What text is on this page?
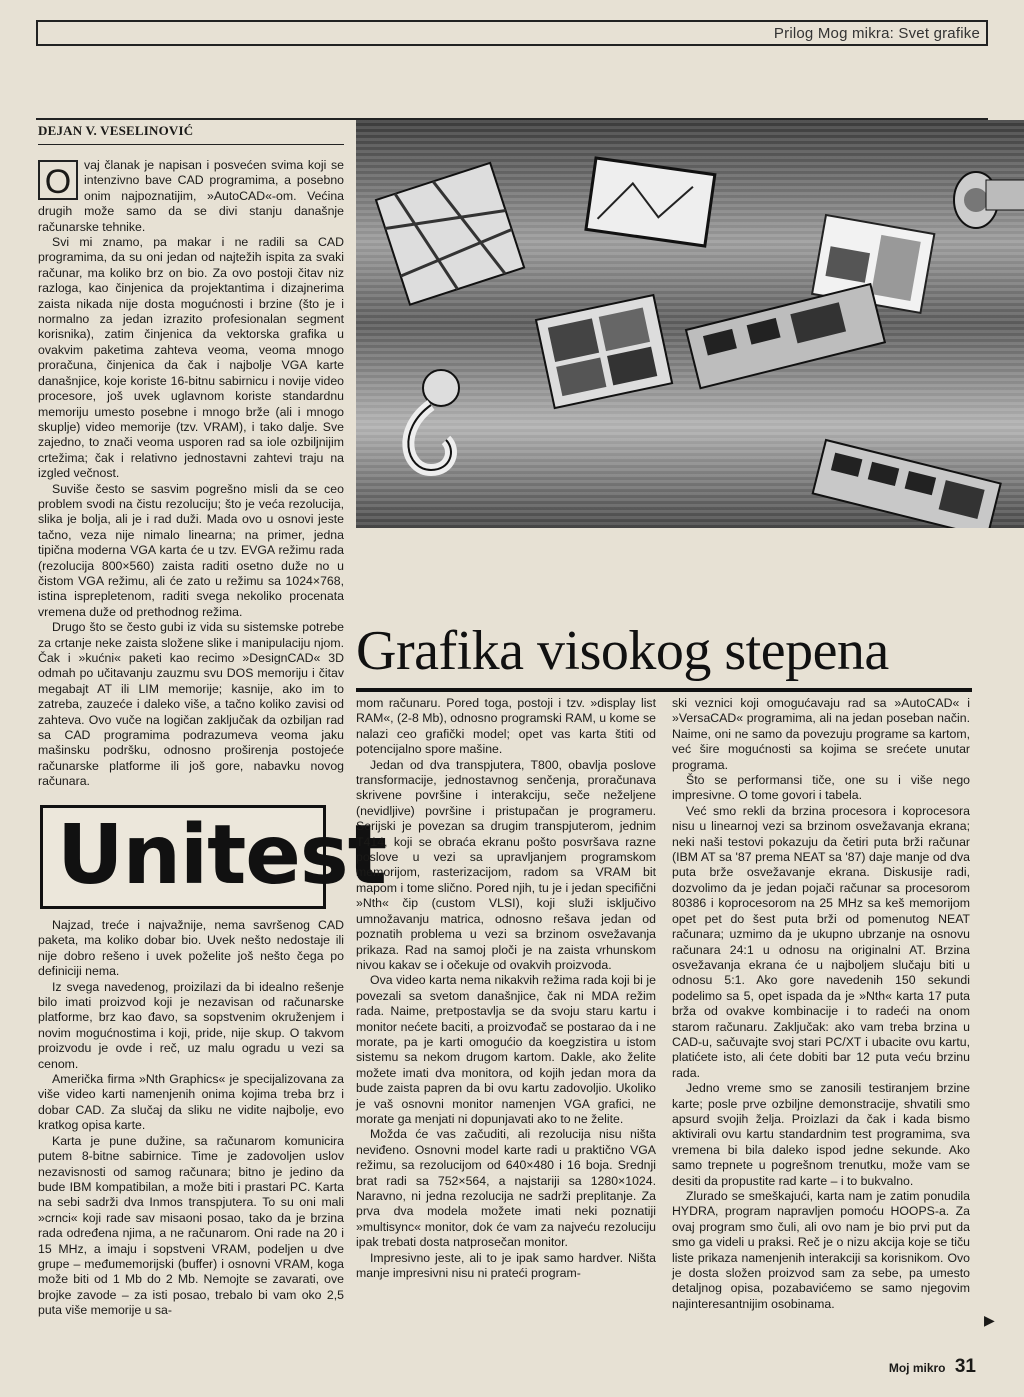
Prilog Mog mikra: Svet grafike
DEJAN V. VESELINOVIĆ
O	vaj članak je napisan i posvećen svima koji se intenzivno bave CAD programima, a posebno onim najpoznatijim, »AutoCAD«-om. Većina drugih može samo da se divi stanju današnje računarske tehnike.

Svi mi znamo, pa makar i ne radili sa CAD programima, da su oni jedan od najtežih ispita za svaki računar, ma koliko brz on bio. Za ovo postoji čitav niz razloga, kao činjenica da projektantima i dizajnerima zaista nikada nije dosta mogućnosti i brzine (što je i normalno za jedan izrazito profesionalan segment korisnika), zatim činjenica da vektorska grafika u ovakvim paketima zahteva veoma, veoma mnogo proračuna, činjenica da čak i najbolje VGA karte današnjice, koje koriste 16-bitnu sabirnicu i novije video procesore, još uvek uglavnom koriste standardnu memoriju umesto posebne i mnogo brže (ali i mnogo skuplje) video memorije (tzv. VRAM), i tako dalje. Sve zajedno, to znači veoma usporen rad sa iole ozbiljnijim crtežima; čak i relativno jednostavni zahtevi traju na izgled večnost.

Suviše često se sasvim pogrešno misli da se ceo problem svodi na čistu rezoluciju; što je veća rezolucija, slika je bolja, ali je i rad duži. Mada ovo u osnovi jeste tačno, veza nije nimalo linearna; na primer, jedna tipična moderna VGA karta će u tzv. EVGA režimu rada (rezolucija 800×560) zaista raditi osetno duže no u čistom VGA režimu, ali će zato u režimu sa 1024×768, istina isprepletenom, raditi svega nekoliko procenata vremena duže od prethodnog režima.

Drugo što se često gubi iz vida su sistemske potrebe za crtanje neke zaista složene slike i manipulaciju njom. Čak i »kućni« paketi kao recimo »DesignCAD« 3D odmah po učitavanju zauzmu svu DOS memoriju i čitav megabajt AT ili LIM memorije; kasnije, ako im to zatreba, zauzeće i daleko više, a tačno koliko zavisi od zahteva. Ovo vuče na logičan zaključak da ozbiljan rad sa CAD programima podrazumeva veoma jaku mašinsku podršku, odnosno proširenja postojeće računarske platforme ili još gore, nabavku novog računara.

Grafika visokog stepena
Unitest

Najzad, treće i najvažnije, nema savršenog CAD paketa, ma koliko dobar bio. Uvek nešto nedostaje ili nije dobro rešeno i uvek poželite još nešto čega po definiciji nema.

Iz svega navedenog, proizilazi da bi idealno rešenje bilo imati proizvod koji je nezavisan od računarske platforme, brz kao đavo, sa sopstvenim okruženjem i novim mogućnostima i koji, pride, nije skup. O takvom proizvodu je ovde i reč, uz malu ogradu u vezi sa cenom.

Američka firma »Nth Graphics« je specijalizovana za više video karti namenjenih onima kojima treba brz i dobar CAD. Za slučaj da sliku ne vidite najbolje, evo kratkog opisa karte.

Karta je pune dužine, sa računarom komunicira putem 8-bitne sabirnice. Time je zadovoljen uslov nezavisnosti od samog računara; bitno je jedino da bude IBM kompatibilan, a može biti i prastari PC. Karta na sebi sadrži dva Inmos transpjutera. To su oni mali »crnci« koji rade sav misaoni posao, tako da je brzina rada određena njima, a ne računarom. Oni rade na 20 i 15 MHz, a imaju i sopstveni VRAM, podeljen u dve grupe – međumemorijski (buffer) i osnovni VRAM, koga može biti od 1 Mb do 2 Mb. Nemojte se zavarati, ove brojke zavode – za isti posao, trebalo bi vam oko 2,5 puta više memorije u sa-

mom računaru. Pored toga, postoji i tzv. »display list RAM«, (2-8 Mb), odnosno programski RAM, u kome se nalazi ceo grafički model; opet vas karta štiti od potencijalno spore mašine.

Jedan od dva transpjutera, T800, obavlja poslove transformacije, jednostavnog senčenja, proračunava skrivene površine i interakciju, seče neželjene (nevidljive) površine i pristupačan je programeru. Serijski je povezan sa drugim transpjuterom, jednim T414, koji se obraća ekranu pošto posvršava razne poslove u vezi sa upravljanjem programskom memorijom, rasterizacijom, radom sa VRAM bit mapom i tome slično. Pored njih, tu je i jedan specifični »Nth« čip (custom VLSI), koji služi isključivo umnožavanju matrica, odnosno rešava jedan od poznatih problema u vezi sa brzinom osvežavanja prikaza. Rad na samoj ploči je na zaista vrhunskom nivou kakav se i očekuje od ovakvih proizvoda.

Ova video karta nema nikakvih režima rada koji bi je povezali sa svetom današnjice, čak ni MDA režim rada. Naime, pretpostavlja se da svoju staru kartu i monitor nećete baciti, a proizvođač se postarao da i ne morate, pa je karti omogućio da koegzistira u istom sistemu sa nekom drugom kartom. Dakle, ako želite možete imati dva monitora, od kojih jedan mora da bude zaista papren da bi ovu kartu zadovoljio. Ukoliko je vaš osnovni monitor namenjen VGA grafici, ne morate ga menjati ni dopunjavati ako to ne želite.

Možda će vas začuditi, ali rezolucija nisu ništa neviđeno. Osnovni model karte radi u praktično VGA režimu, sa rezolucijom od 640×480 i 16 boja. Srednji brat radi sa 752×564, a najstariji sa 1280×1024. Naravno, ni jedna rezolucija ne sadrži preplitanje. Za prva dva modela možete imati neki poznatiji »multisync« monitor, dok će vam za najveću rezoluciju ipak trebati dosta natprosečan monitor.

Impresivno jeste, ali to je ipak samo hardver. Ništa manje impresivni nisu ni prateći program-

ski veznici koji omogućavaju rad sa »AutoCAD« i »VersaCAD« programima, ali na jedan poseban način. Naime, oni ne samo da povezuju programe sa kartom, već šire mogućnosti sa kojima se srećete unutar programa.

Što se performansi tiče, one su i više nego impresivne. O tome govori i tabela.

Već smo rekli da brzina procesora i koprocesora nisu u linearnoj vezi sa brzinom osvežavanja ekrana; neki naši testovi pokazuju da četiri puta brži računar (IBM AT sa '87 prema NEAT sa '87) daje manje od dva puta brže osvežavanje ekrana. Diskusije radi, dozvolimo da je jedan pojači računar sa procesorom 80386 i koprocesorom na 25 MHz sa keš memorijom opet pet do šest puta brži od pomenutog NEAT računara; uzmimo da je ukupno ubrzanje na osnovu računara 24:1 u odnosu na originalni AT. Brzina osvežavanja ekrana će u najboljem slučaju biti u odnosu 5:1. Ako gore navedenih 150 sekundi podelimo sa 5, opet ispada da je »Nth« karta 17 puta brža od ovakve kombinacije i to radeći na onom starom računaru. Zaključak: ako vam treba brzina u CAD-u, sačuvajte svoj stari PC/XT i ubacite ovu kartu, platićete isto, ali ćete dobiti bar 12 puta veću brzinu rada.

Jedno vreme smo se zanosili testiranjem brzine karte; posle prve ozbiljne demonstracije, shvatili smo apsurd svojih želja. Proizlazi da čak i kada bismo aktivirali ovu kartu standardnim test programima, sva vremena bi bila daleko ispod jedne sekunde. Ako samo trepnete u pogrešnom trenutku, može vam se desiti da propustite rad karte – i to bukvalno.

Zlurado se smeškajući, karta nam je zatim ponudila HYDRA, program napravljen pomoću HOOPS-a. Za ovaj program smo čuli, ali ovo nam je bio prvi put da smo ga videli u praksi. Reč je o nizu akcija koje se tiču liste prikaza namenjenih interakciji sa korisnikom. Ovo je dosta složen proizvod sam za sebe, pa umesto detaljnog opisa, pozabavićemo se samo njegovim najinteresantnijim osobinama.

▶
Moj mikro 31
